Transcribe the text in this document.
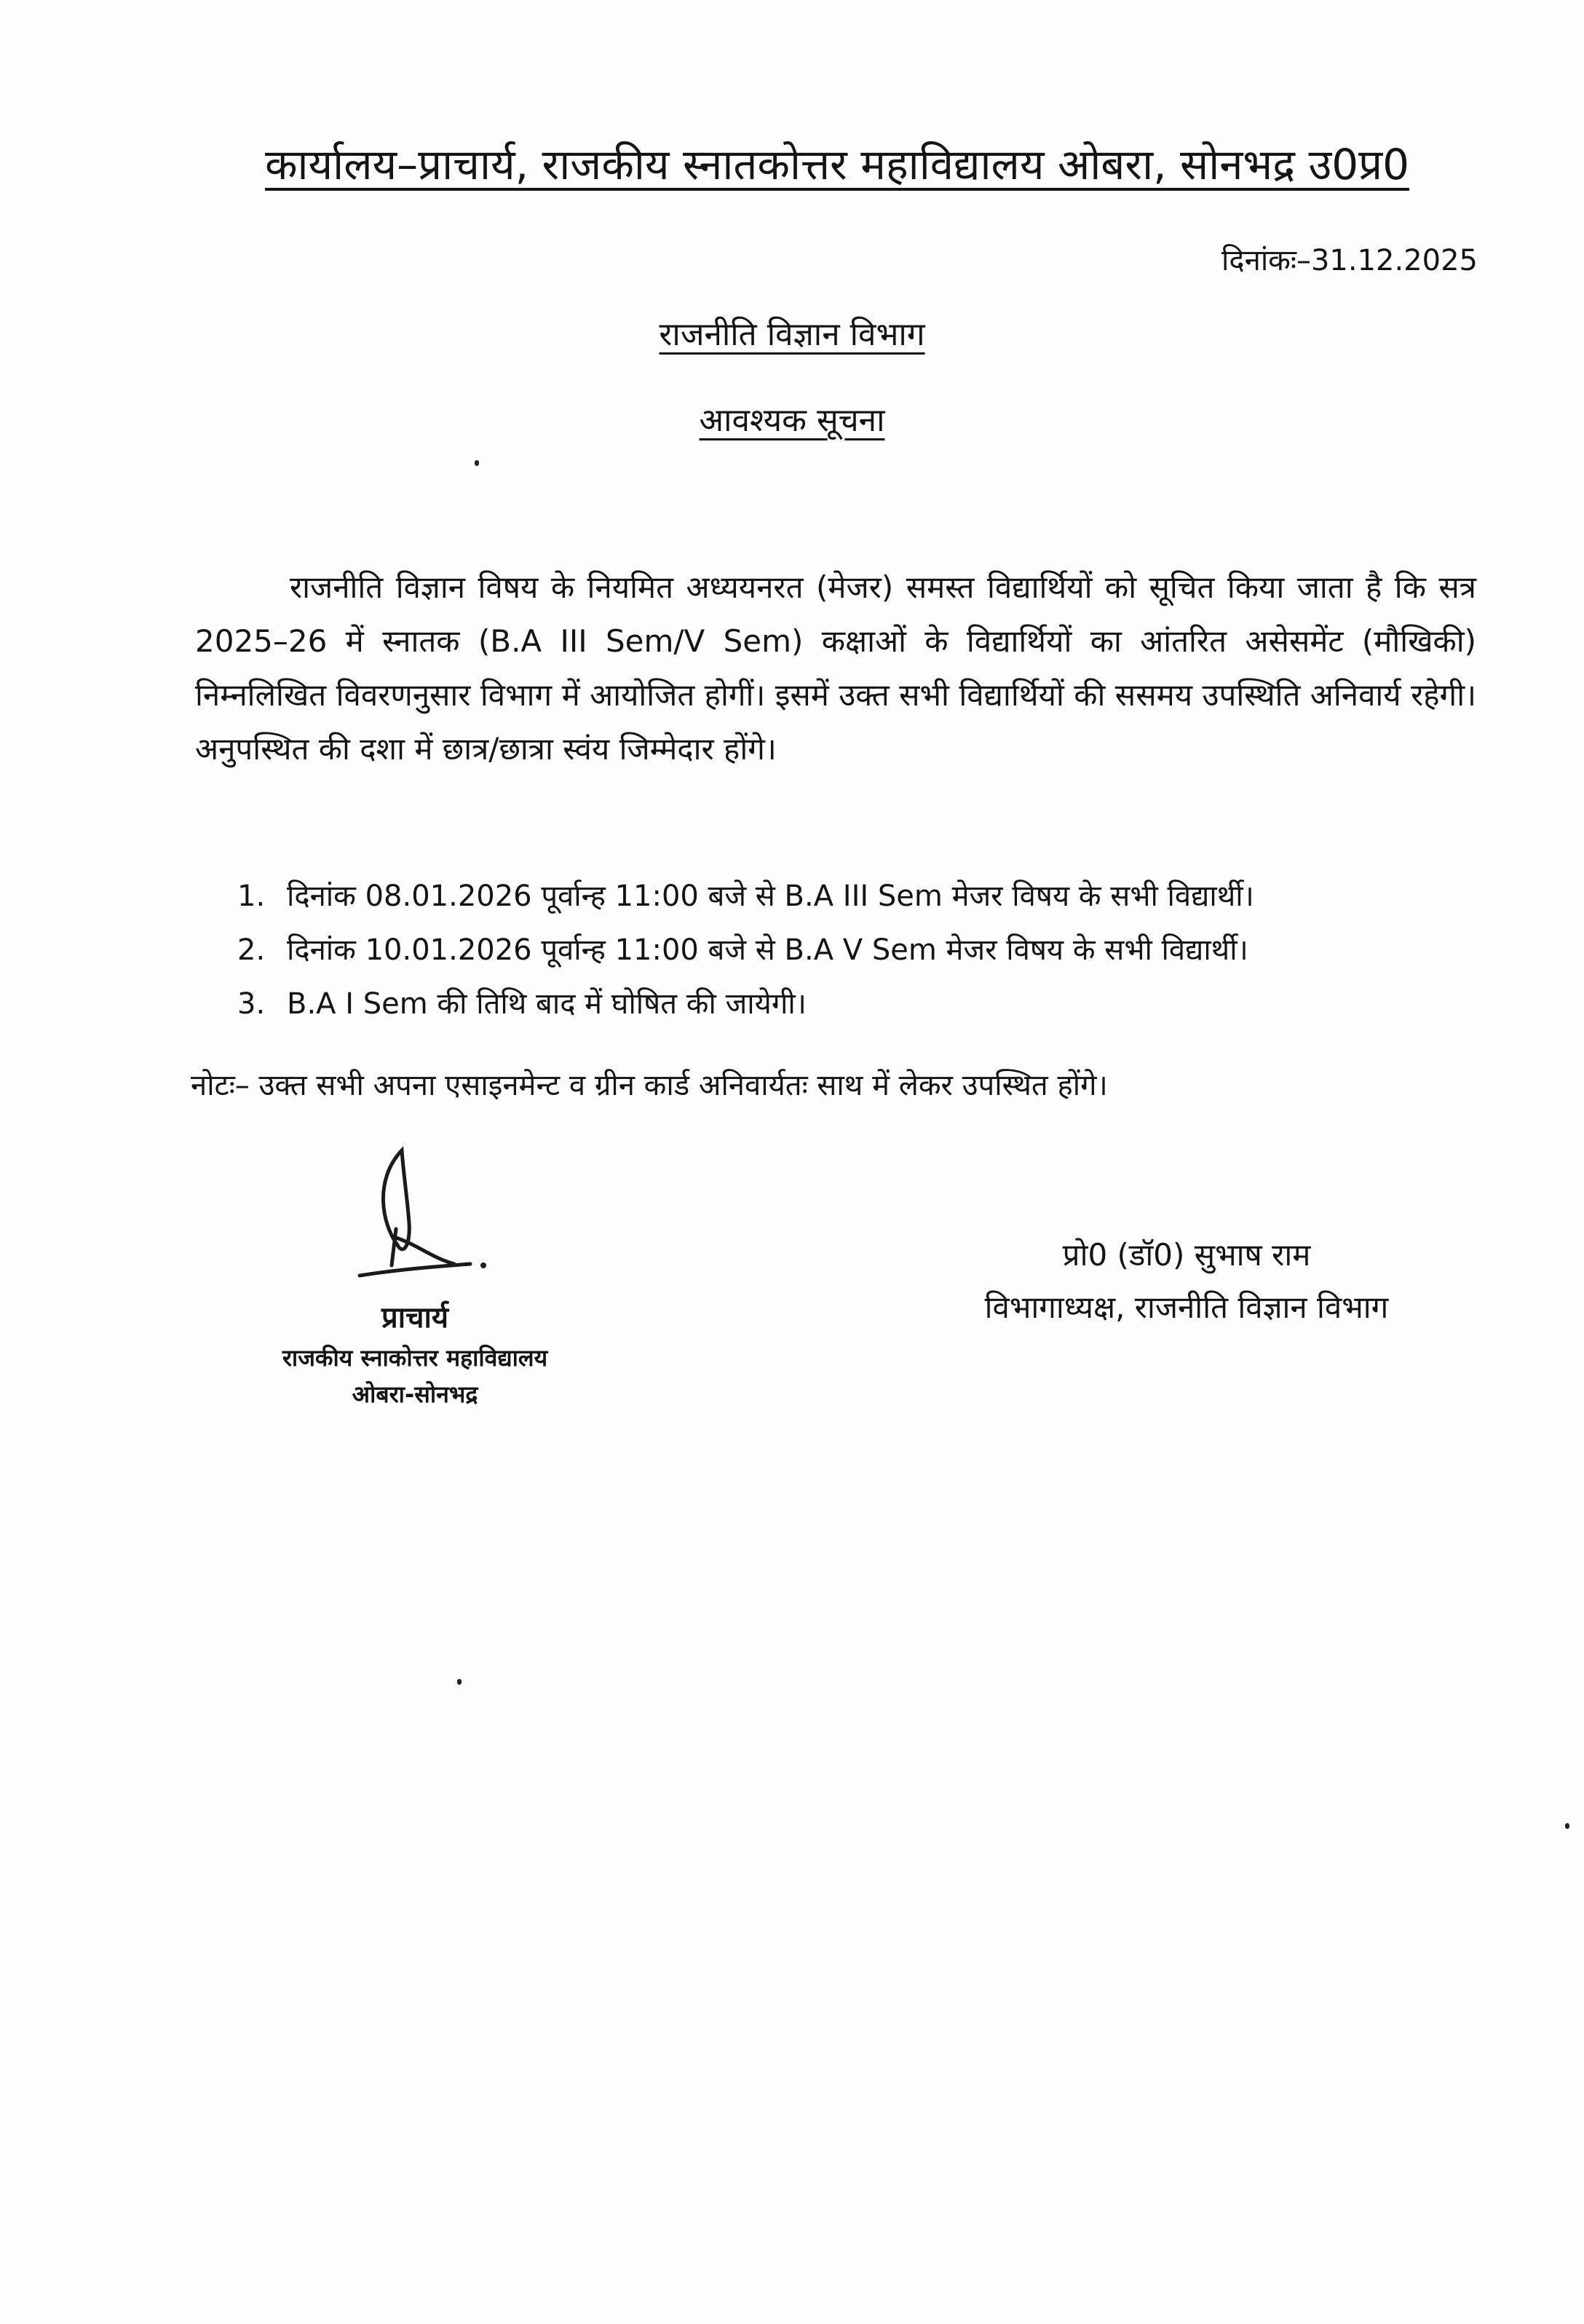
कार्यालय–प्राचार्य, राजकीय स्नातकोत्तर महाविद्यालय ओबरा, सोनभद्र उ0प्र0
दिनांकः–31.12.2025
राजनीति विज्ञान विभाग
आवश्यक सूचना
राजनीति विज्ञान विषय के नियमित अध्ययनरत (मेजर) समस्त विद्यार्थियों को सूचित किया जाता है कि सत्र 2025–26 में स्नातक (B.A III Sem/V Sem) कक्षाओं के विद्यार्थियों का आंतरित असेसमेंट (मौखिकी) निम्नलिखित विवरणनुसार विभाग में आयोजित होगीं। इसमें उक्त सभी विद्यार्थियों की ससमय उपस्थिति अनिवार्य रहेगी। अनुपस्थित की दशा में छात्र/छात्रा स्वंय जिम्मेदार होंगे।
1. दिनांक 08.01.2026 पूर्वान्ह 11:00 बजे से B.A III Sem मेजर विषय के सभी विद्यार्थी।
2. दिनांक 10.01.2026 पूर्वान्ह 11:00 बजे से B.A V Sem मेजर विषय के सभी विद्यार्थी।
3. B.A I Sem की तिथि बाद में घोषित की जायेगी।
नोटः– उक्त सभी अपना एसाइनमेन्ट व ग्रीन कार्ड अनिवार्यतः साथ में लेकर उपस्थित होंगे।
प्राचार्य
राजकीय स्नाकोत्तर महाविद्यालय
ओबरा-सोनभद्र
प्रो0 (डॉ0) सुभाष राम
विभागाध्यक्ष, राजनीति विज्ञान विभाग
